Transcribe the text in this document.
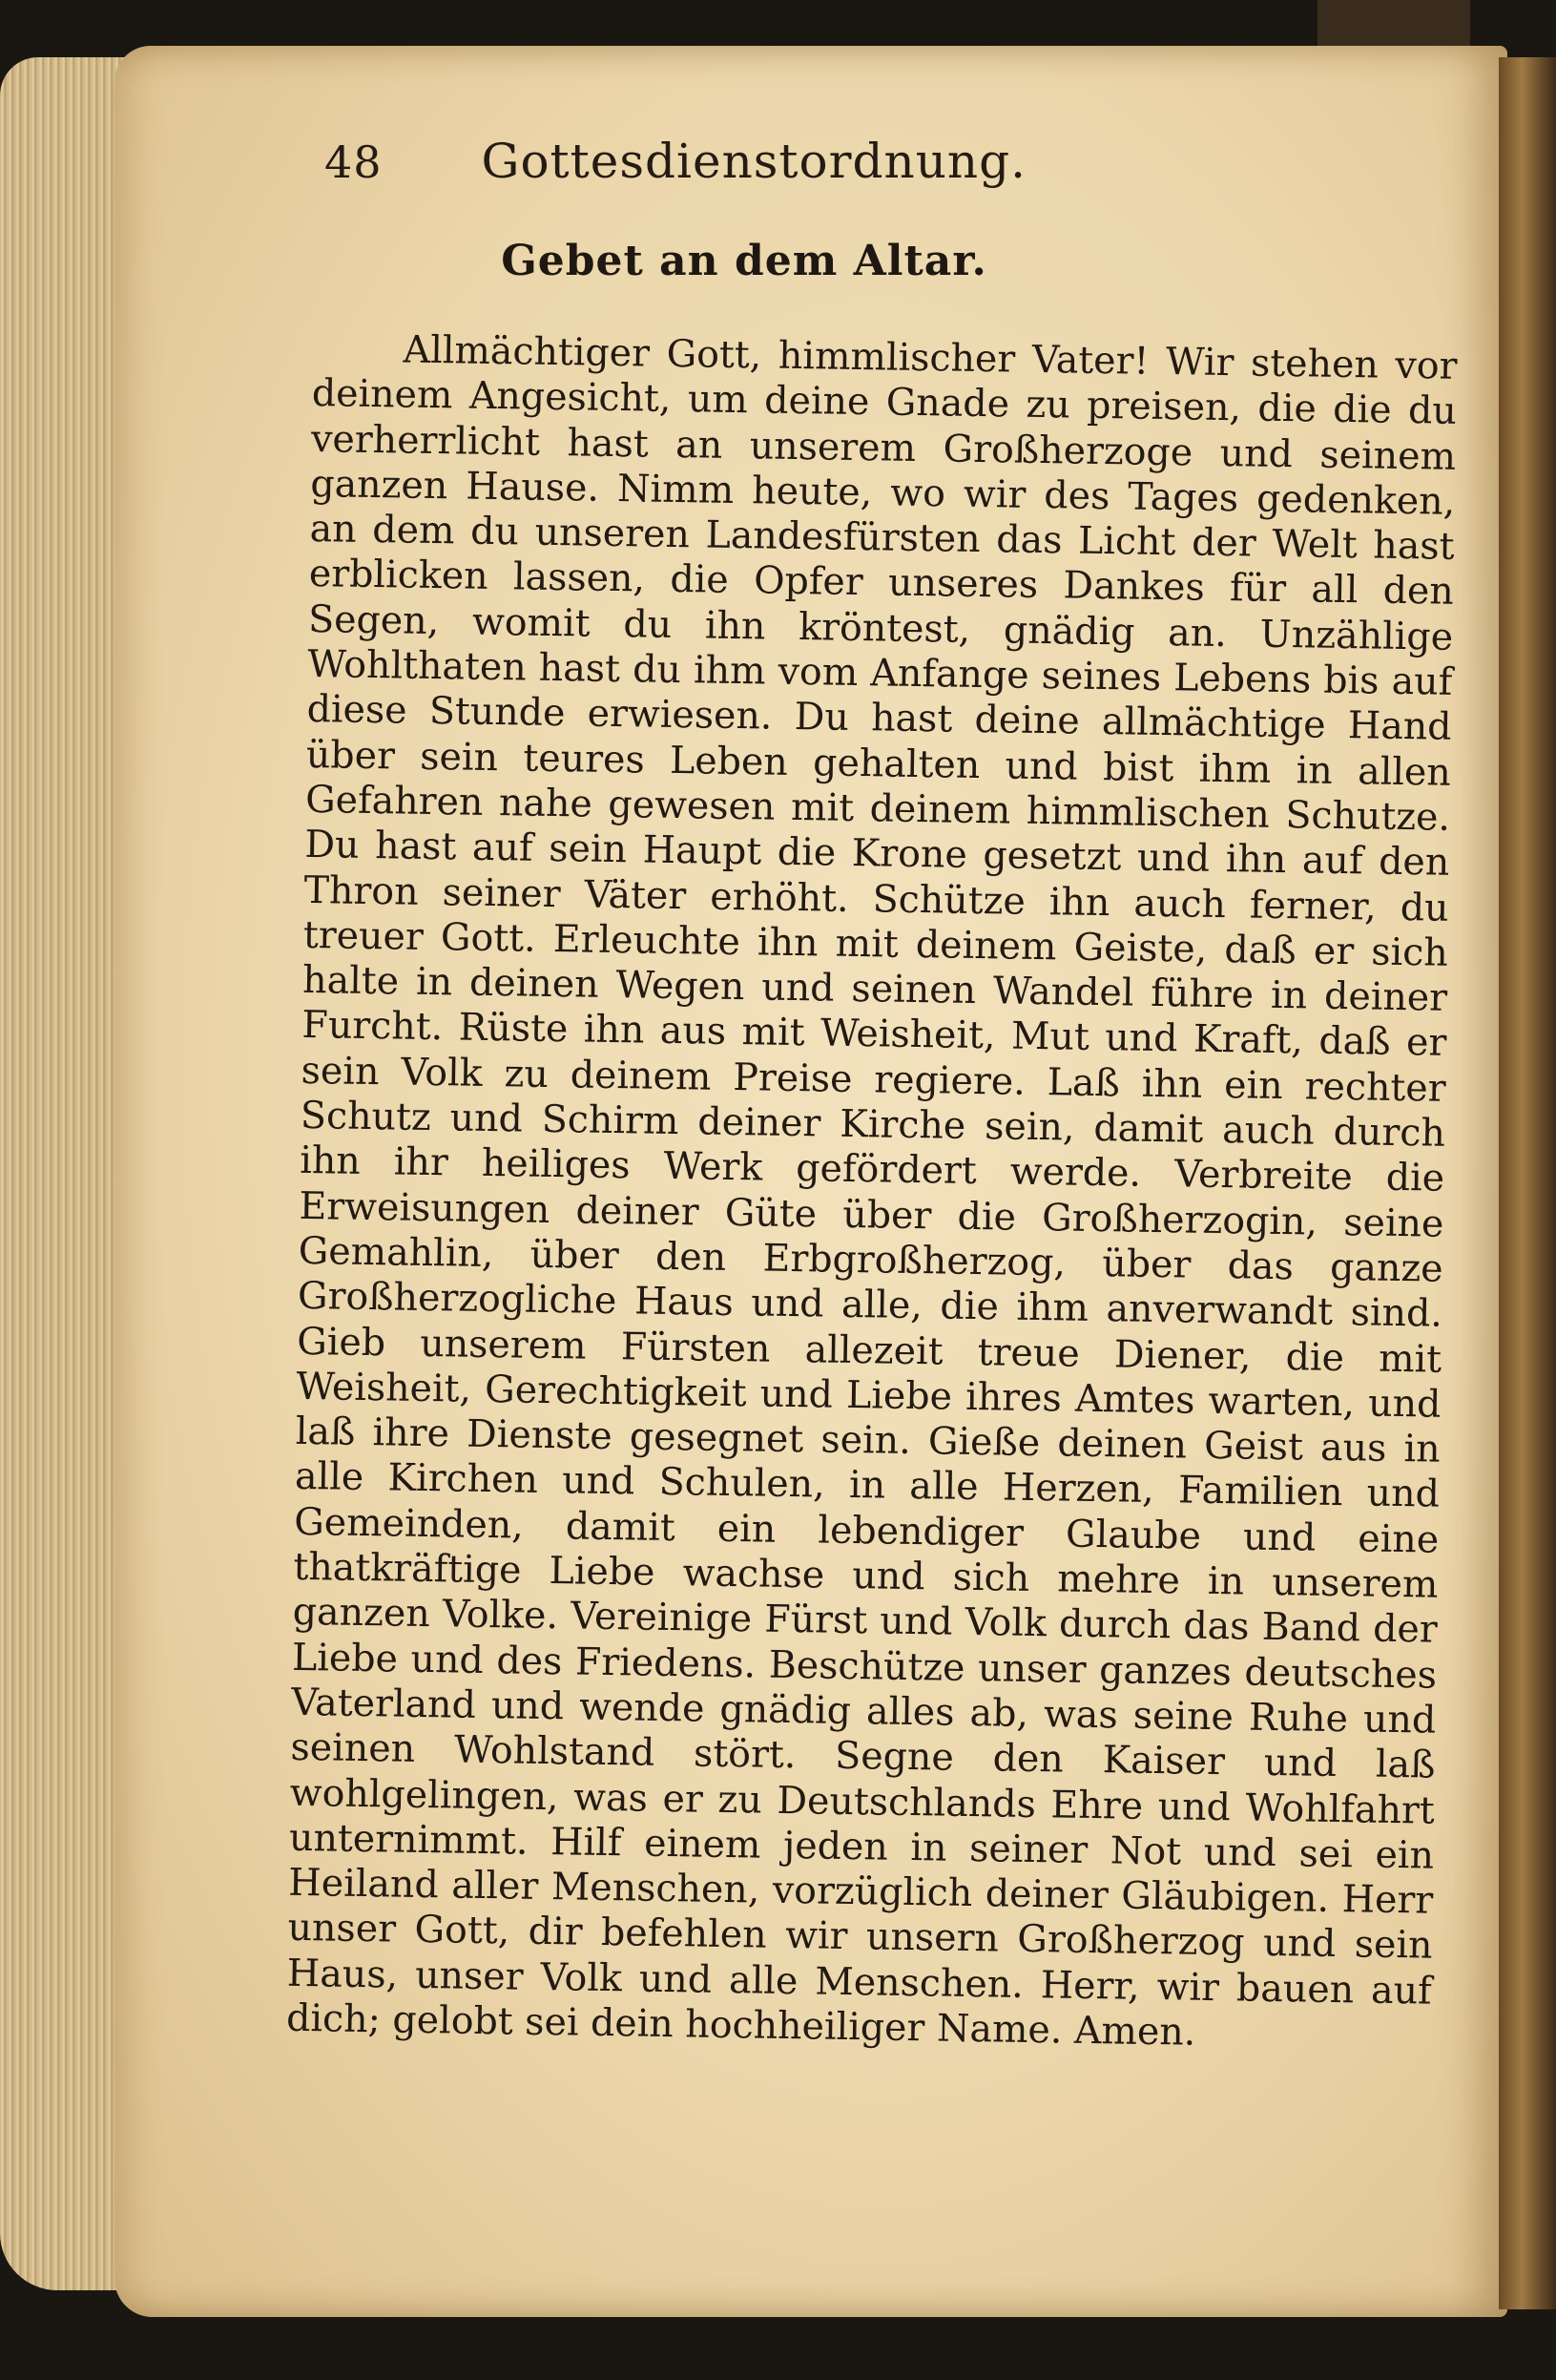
48 Gottesdienstordnung.
Gebet an dem Altar.

Allmächtiger Gott, himmlischer Vater! Wir stehen vor deinem Angesicht, um deine Gnade zu preisen, die die du verherrlicht hast an unserem Großherzoge und seinem ganzen Hause. Nimm heute, wo wir des Tages gedenken, an dem du unseren Landesfürsten das Licht der Welt hast erblicken lassen, die Opfer unseres Dankes für all den Segen, womit du ihn kröntest, gnädig an. Unzählige Wohlthaten hast du ihm vom Anfange seines Lebens bis auf diese Stunde erwiesen. Du hast deine allmächtige Hand über sein teures Leben gehalten und bist ihm in allen Gefahren nahe gewesen mit deinem himmlischen Schutze. Du hast auf sein Haupt die Krone gesetzt und ihn auf den Thron seiner Väter erhöht. Schütze ihn auch ferner, du treuer Gott. Erleuchte ihn mit deinem Geiste, daß er sich halte in deinen Wegen und seinen Wandel führe in deiner Furcht. Rüste ihn aus mit Weisheit, Mut und Kraft, daß er sein Volk zu deinem Preise regiere. Laß ihn ein rechter Schutz und Schirm deiner Kirche sein, damit auch durch ihn ihr heiliges Werk gefördert werde. Verbreite die Erweisungen deiner Güte über die Großherzogin, seine Gemahlin, über den Erbgroßherzog, über das ganze Großherzogliche Haus und alle, die ihm anverwandt sind. Gieb unserem Fürsten allezeit treue Diener, die mit Weisheit, Gerechtigkeit und Liebe ihres Amtes warten, und laß ihre Dienste gesegnet sein. Gieße deinen Geist aus in alle Kirchen und Schulen, in alle Herzen, Familien und Gemeinden, damit ein lebendiger Glaube und eine thatkräftige Liebe wachse und sich mehre in unserem ganzen Volke. Vereinige Fürst und Volk durch das Band der Liebe und des Friedens. Beschütze unser ganzes deutsches Vaterland und wende gnädig alles ab, was seine Ruhe und seinen Wohlstand stört. Segne den Kaiser und laß wohlgelingen, was er zu Deutschlands Ehre und Wohlfahrt unternimmt. Hilf einem jeden in seiner Not und sei ein Heiland aller Menschen, vorzüglich deiner Gläubigen. Herr unser Gott, dir befehlen wir unsern Großherzog und sein Haus, unser Volk und alle Menschen. Herr, wir bauen auf dich; gelobt sei dein hochheiliger Name. Amen.
